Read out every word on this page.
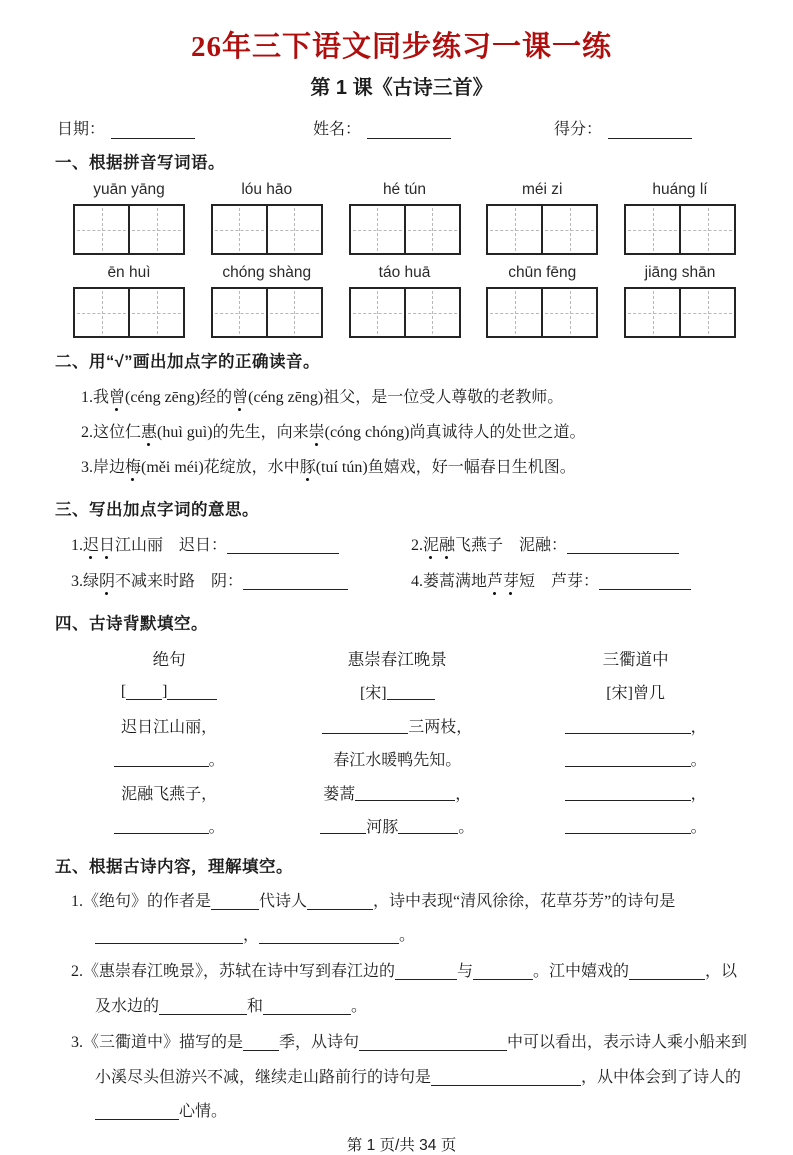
26年三下语文同步练习一课一练
第 1 课《古诗三首》
日期：	姓名：	得分：
一、根据拼音写词语。
yuān yāng	lóu hāo	hé tún	méi zi	huáng lí
ēn huì	chóng shàng	táo huā	chūn fēng	jiāng shān
二、用“√”画出加点字的正确读音。
1.我曾(céng zēng)经的曾(céng zēng)祖父，是一位受人尊敬的老教师。
2.这位仁惠(huì guì)的先生，向来崇(cóng chóng)尚真诚待人的处世之道。
3.岸边梅(měi méi)花绽放，水中豚(tuí tún)鱼嬉戏，好一幅春日生机图。
三、写出加点字词的意思。
1.迟日江山丽　迟日：	2.泥融飞燕子　泥融：
3.绿阴不减来时路　阴：	4.蒌蒿满地芦芽短　芦芽：
四、古诗背默填空。
绝句	惠崇春江晚景	三衢道中
[ ]	[宋]	[宋]曾几
迟日江山丽，	三两枝，	，
。	春江水暖鸭先知。	。
泥融飞燕子，	蒌蒿	，	，
。	河豚	。	。
五、根据古诗内容，理解填空。
1.《绝句》的作者是	代诗人	，诗中表现“清风徐徐，花草芬芳”的诗句是，	。
2.《惠崇春江晚景》，苏轼在诗中写到春江边的	与	。江中嬉戏的	，以及水边的	和	。
3.《三衢道中》描写的是 季，从诗句	中可以看出，表示诗人乘小船来到小溪尽头但游兴不减，继续走山路前行的诗句是	，从中体会到了诗人的心情。
第 1 页/共 34 页
